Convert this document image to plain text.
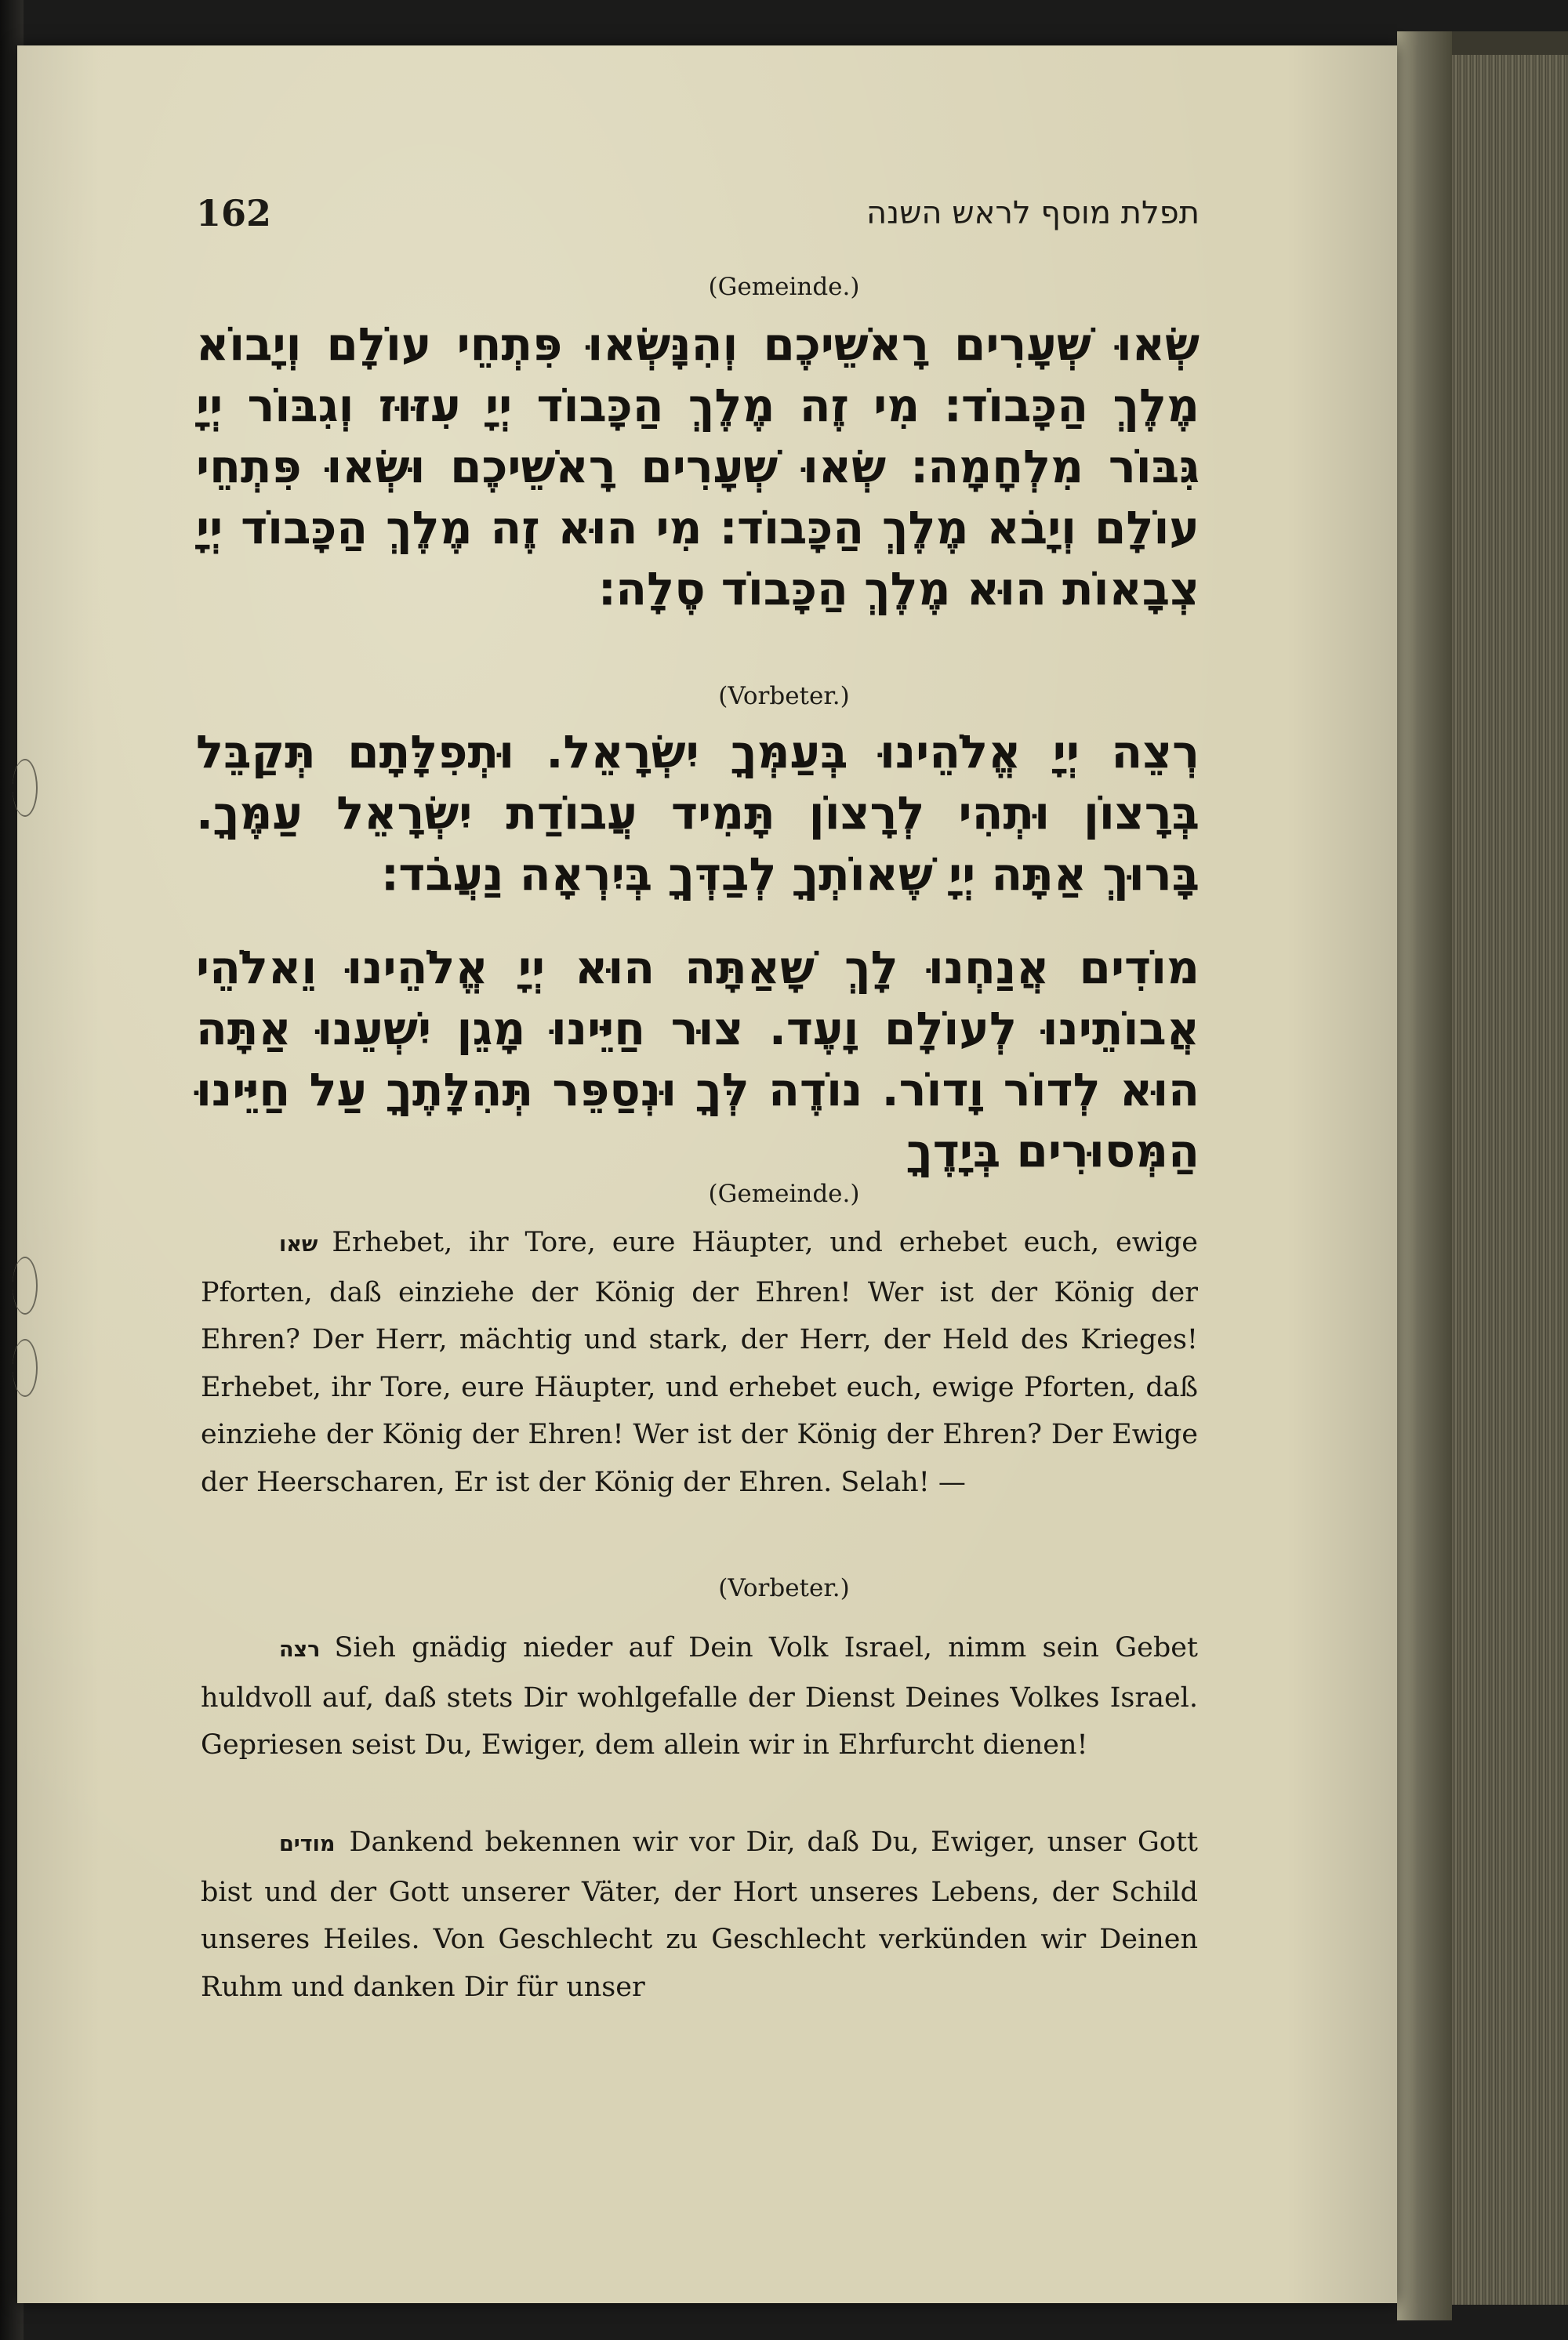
162	תפלת מוסף לראש השנה
(Gemeinde.)
שְׂאוּ שְׁעָרִים רָאשֵׁיכֶם וְהִנָּשְׂאוּ פִּתְחֵי עוֹלָם וְיָבוֹא מֶלֶךְ הַכָּבוֹד׃ מִי זֶה מֶלֶךְ הַכָּבוֹד יְיָ עִזּוּז וְגִבּוֹר יְיָ גִּבּוֹר מִלְחָמָה׃ שְׂאוּ שְׁעָרִים רָאשֵׁיכֶם וּשְׂאוּ פִּתְחֵי עוֹלָם וְיָבֹא מֶלֶךְ הַכָּבוֹד׃ מִי הוּא זֶה מֶלֶךְ הַכָּבוֹד יְיָ צְבָאוֹת הוּא מֶלֶךְ הַכָּבוֹד סֶלָה׃
(Vorbeter.)
רְצֵה יְיָ אֱלֹהֵינוּ בְּעַמְּךָ יִשְׂרָאֵל. וּתְפִלָּתָם תְּקַבֵּל בְּרָצוֹן וּתְהִי לְרָצוֹן תָּמִיד עֲבוֹדַת יִשְׂרָאֵל עַמֶּךָ. בָּרוּךְ אַתָּה יְיָ שֶׁאוֹתְךָ לְבַדְּךָ בְּיִרְאָה נַעֲבֹד׃
מוֹדִים אֲנַחְנוּ לָךְ שָׁאַתָּה הוּא יְיָ אֱלֹהֵינוּ וֵאלֹהֵי אֲבוֹתֵינוּ לְעוֹלָם וָעֶד. צוּר חַיֵּינוּ מָגֵן יִשְׁעֵנוּ אַתָּה הוּא לְדוֹר וָדוֹר. נוֹדֶה לְּךָ וּנְסַפֵּר תְּהִלָּתֶךָ עַל חַיֵּינוּ הַמְּסוּרִים בְּיָדֶךָ
(Gemeinde.)
שאו Erhebet, ihr Tore, eure Häupter, und erhebet euch, ewige Pforten, daß einziehe der König der Ehren! Wer ist der König der Ehren? Der Herr, mächtig und stark, der Herr, der Held des Krieges! Erhebet, ihr Tore, eure Häupter, und erhebet euch, ewige Pforten, daß einziehe der König der Ehren! Wer ist der König der Ehren? Der Ewige der Heerscharen, Er ist der König der Ehren. Selah! —
(Vorbeter.)
רצה Sieh gnädig nieder auf Dein Volk Israel, nimm sein Gebet huldvoll auf, daß stets Dir wohlgefalle der Dienst Deines Volkes Israel. Gepriesen seist Du, Ewiger, dem allein wir in Ehrfurcht dienen!
מודים Dankend bekennen wir vor Dir, daß Du, Ewiger, unser Gott bist und der Gott unserer Väter, der Hort unseres Lebens, der Schild unseres Heiles. Von Geschlecht zu Geschlecht verkünden wir Deinen Ruhm und danken Dir für unser
